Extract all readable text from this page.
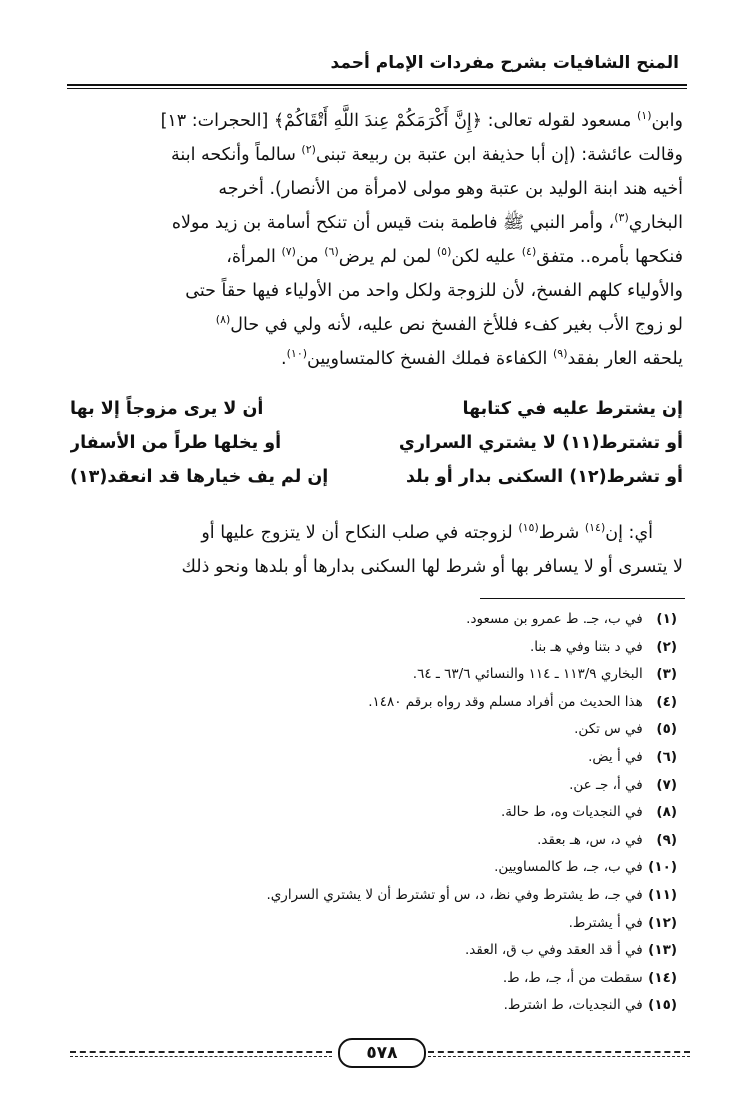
المنح الشافيات بشرح مفردات الإمام أحمد

وابن$^{(١)}$ مسعود لقوله تعالى: ﴿إِنَّ أَكْرَمَكُمْ عِندَ اللَّهِ أَتْقَاكُمْ﴾ [الحجرات: ١٣]

وقالت عائشة: (إن أبا حذيفة ابن عتبة بن ربيعة تبنى$^{(٢)}$ سالماً وأنكحه ابنة

أخيه هند ابنة الوليد بن عتبة وهو مولى لامرأة من الأنصار). أخرجه

البخاري$^{(٣)}$، وأمر النبي ﷺ فاطمة بنت قيس أن تنكح أسامة بن زيد مولاه

فنكحها بأمره.. متفق$^{(٤)}$ عليه لكن$^{(٥)}$ لمن لم يرض$^{(٦)}$ من$^{(٧)}$ المرأة،

والأولياء كلهم الفسخ، لأن للزوجة ولكل واحد من الأولياء فيها حقاً حتى

لو زوج الأب بغير كفء فللأخ الفسخ نص عليه، لأنه ولي في حال$^{(٨)}$

يلحقه العار بفقد$^{(٩)}$ الكفاءة فملك الفسخ كالمتساويين$^{(١٠)}$.

إن يشترط عليه في كتابها
أن لا يرى مزوجاً إلا بها
أو تشترط(١١) لا يشتري السراري
أو يخلها طراً من الأسفار
أو تشرط(١٢) السكنى بدار أو بلد
إن لم يف خيارها قد انعقد(١٣)

أي: إن$^{(١٤)}$ شرط$^{(١٥)}$ لزوجته في صلب النكاح أن لا يتزوج عليها أو

لا يتسرى أو لا يسافر بها أو شرط لها السكنى بدارها أو بلدها ونحو ذلك

(١) في ب، جـ. ط عمرو بن مسعود.
(٢) في د بتنا وفي هـ بنا.
(٣) البخاري ١١٣/٩ ـ ١١٤ والنسائي ٦٣/٦ ـ ٦٤.
(٤) هذا الحديث من أفراد مسلم وقد رواه برقم ١٤٨٠.
(٥) في س تكن.
(٦) في أ يض.
(٧) في أ، جـ عن.
(٨) في النجديات وه، ط حالة.
(٩) في د، س، هـ بعقد.
(١٠) في ب، جـ، ط كالمساويين.
(١١) في جـ، ط يشترط وفي نظ، د، س أو تشترط أن لا يشتري السراري.
(١٢) في أ يشترط.
(١٣) في أ قد العقد وفي ب ق، العقد.
(١٤) سقطت من أ، جـ، ط، ط.
(١٥) في النجديات، ط اشترط.
٥٧٨
